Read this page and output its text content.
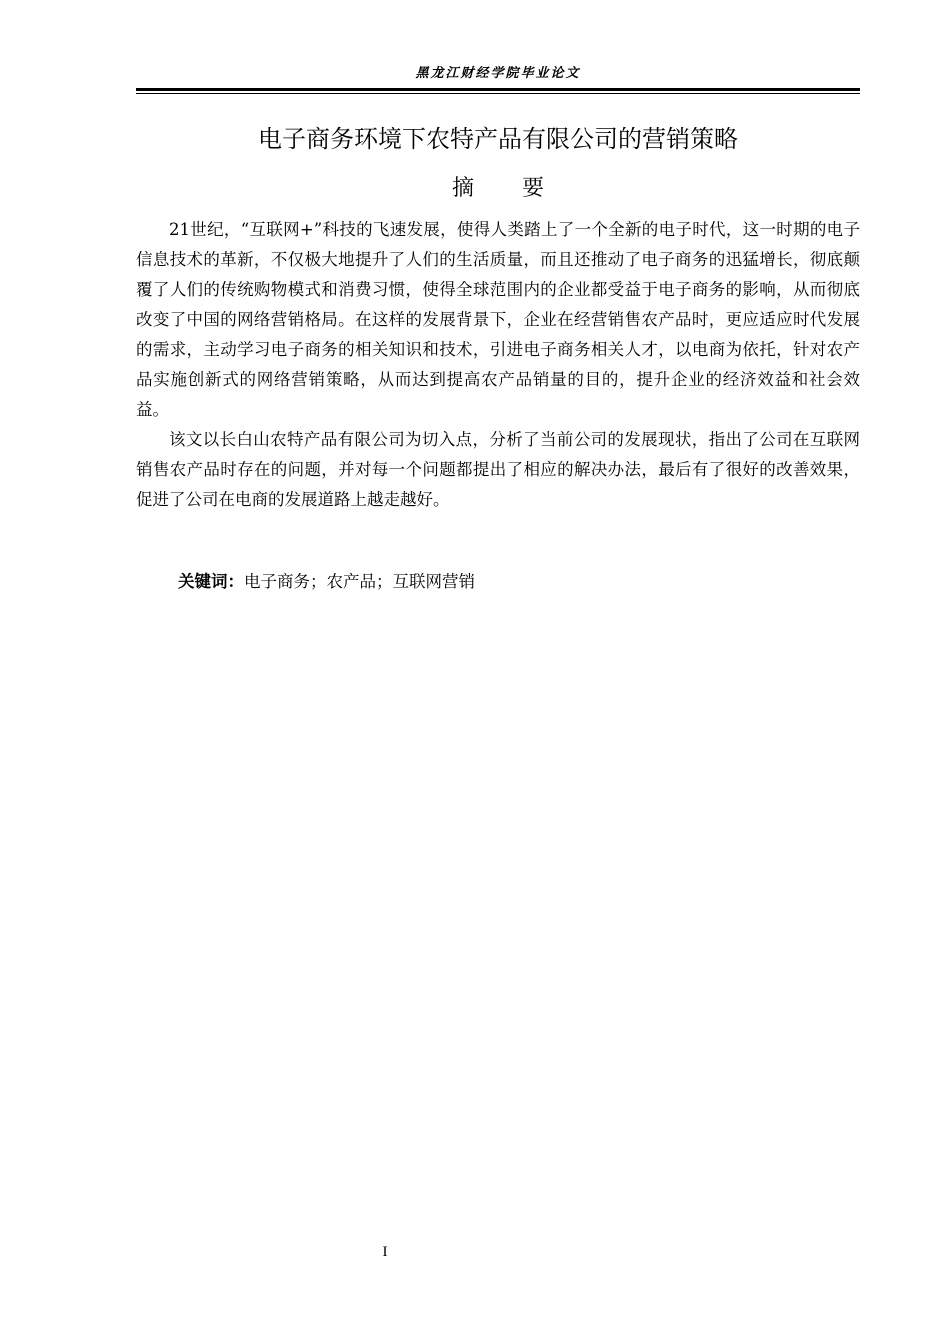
黑龙江财经学院毕业论文
电子商务环境下农特产品有限公司的营销策略
摘要

21世纪，“互联网+”科技的飞速发展，使得人类踏上了一个全新的电子时代，这一时期的电子信息技术的革新，不仅极大地提升了人们的生活质量，而且还推动了电子商务的迅猛增长，彻底颠覆了人们的传统购物模式和消费习惯，使得全球范围内的企业都受益于电子商务的影响，从而彻底改变了中国的网络营销格局。在这样的发展背景下，企业在经营销售农产品时，更应适应时代发展的需求，主动学习电子商务的相关知识和技术，引进电子商务相关人才，以电商为依托，针对农产品实施创新式的网络营销策略，从而达到提高农产品销量的目的，提升企业的经济效益和社会效益。

该文以长白山农特产品有限公司为切入点，分析了当前公司的发展现状，指出了公司在互联网销售农产品时存在的问题，并对每一个问题都提出了相应的解决办法，最后有了很好的改善效果，促进了公司在电商的发展道路上越走越好。

关键词：电子商务；农产品；互联网营销
I
